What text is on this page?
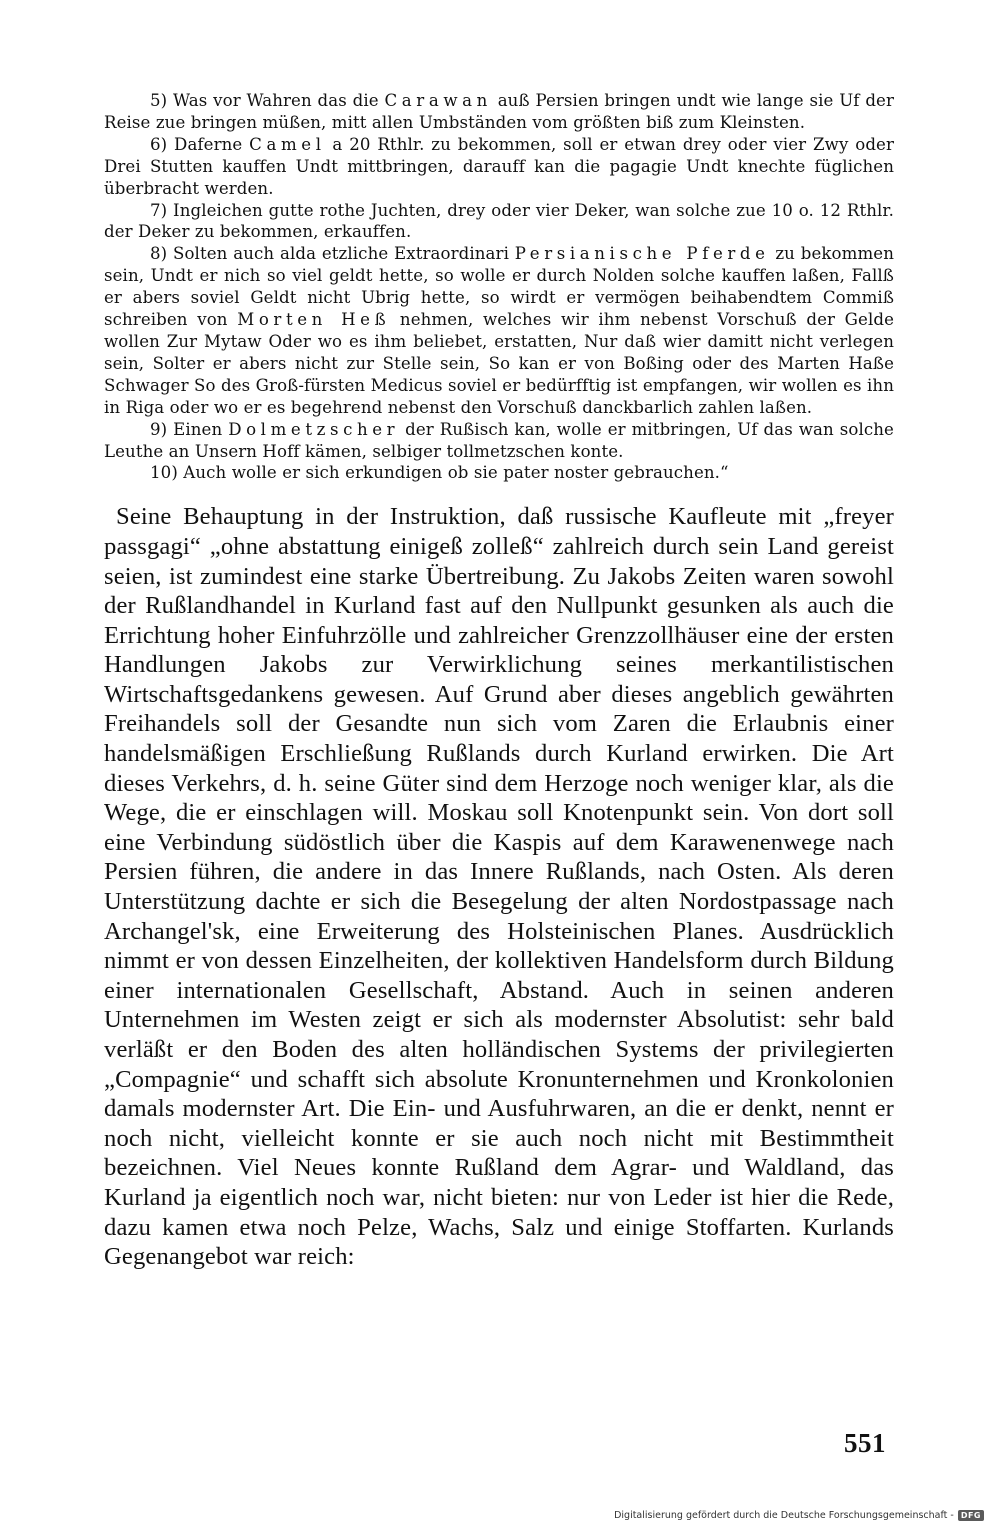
5) Was vor Wahren das die Carawan auß Persien bringen undt wie lange sie Uf der Reise zue bringen müßen, mitt allen Umbständen vom größten biß zum Kleinsten.

6) Daferne Camel a 20 Rthlr. zu bekommen, soll er etwan drey oder vier Zwy oder Drei Stutten kauffen Undt mittbringen, darauff kan die pagagie Undt knechte füglichen überbracht werden.

7) Ingleichen gutte rothe Juchten, drey oder vier Deker, wan solche zue 10 o. 12 Rthlr. der Deker zu bekommen, erkauffen.

8) Solten auch alda etzliche Extraordinari Persianische Pferde zu bekommen sein, Undt er nich so viel geldt hette, so wolle er durch Nolden solche kauffen laßen, Fallß er abers soviel Geldt nicht Ubrig hette, so wirdt er vermögen beihabendtem Commiß schreiben von Morten Heß nehmen, welches wir ihm nebenst Vorschuß der Gelde wollen Zur Mytaw Oder wo es ihm beliebet, erstatten, Nur daß wier damitt nicht verlegen sein, Solter er abers nicht zur Stelle sein, So kan er von Boßing oder des Marten Haße Schwager So des Groß-fürsten Medicus soviel er bedürfftig ist empfangen, wir wollen es ihn in Riga oder wo er es begehrend nebenst den Vorschuß danckbarlich zahlen laßen.

9) Einen Dolmetzscher der Rußisch kan, wolle er mitbringen, Uf das wan solche Leuthe an Unsern Hoff kämen, selbiger tollmetzschen konte.

10) Auch wolle er sich erkundigen ob sie pater noster gebrauchen.“

Seine Behauptung in der Instruktion, daß russische Kaufleute mit „freyer passgagi“ „ohne abstattung einigeß zolleß“ zahlreich durch sein Land gereist seien, ist zumindest eine starke Übertreibung. Zu Jakobs Zeiten waren sowohl der Rußlandhandel in Kurland fast auf den Nullpunkt gesunken als auch die Errichtung hoher Einfuhrzölle und zahlreicher Grenzzollhäuser eine der ersten Handlungen Jakobs zur Verwirklichung seines merkantilistischen Wirtschaftsgedankens gewesen. Auf Grund aber dieses angeblich gewährten Freihandels soll der Gesandte nun sich vom Zaren die Erlaubnis einer handelsmäßigen Erschließung Rußlands durch Kurland erwirken. Die Art dieses Verkehrs, d. h. seine Güter sind dem Herzoge noch weniger klar, als die Wege, die er einschlagen will. Moskau soll Knotenpunkt sein. Von dort soll eine Verbindung südöstlich über die Kaspis auf dem Karawenenwege nach Persien führen, die andere in das Innere Rußlands, nach Osten. Als deren Unterstützung dachte er sich die Besegelung der alten Nordostpassage nach Archangel'sk, eine Erweiterung des Holsteinischen Planes. Ausdrücklich nimmt er von dessen Einzelheiten, der kollektiven Handelsform durch Bildung einer internationalen Gesellschaft, Abstand. Auch in seinen anderen Unternehmen im Westen zeigt er sich als modernster Absolutist: sehr bald verläßt er den Boden des alten holländischen Systems der privilegierten „Compagnie“ und schafft sich absolute Kronunternehmen und Kronkolonien damals modernster Art. Die Ein- und Ausfuhrwaren, an die er denkt, nennt er noch nicht, vielleicht konnte er sie auch noch nicht mit Bestimmtheit bezeichnen. Viel Neues konnte Rußland dem Agrar- und Waldland, das Kurland ja eigentlich noch war, nicht bieten: nur von Leder ist hier die Rede, dazu kamen etwa noch Pelze, Wachs, Salz und einige Stoffarten. Kurlands Gegenangebot war reich:

551
Digitalisierung gefördert durch die Deutsche Forschungsgemeinschaft - DFG
